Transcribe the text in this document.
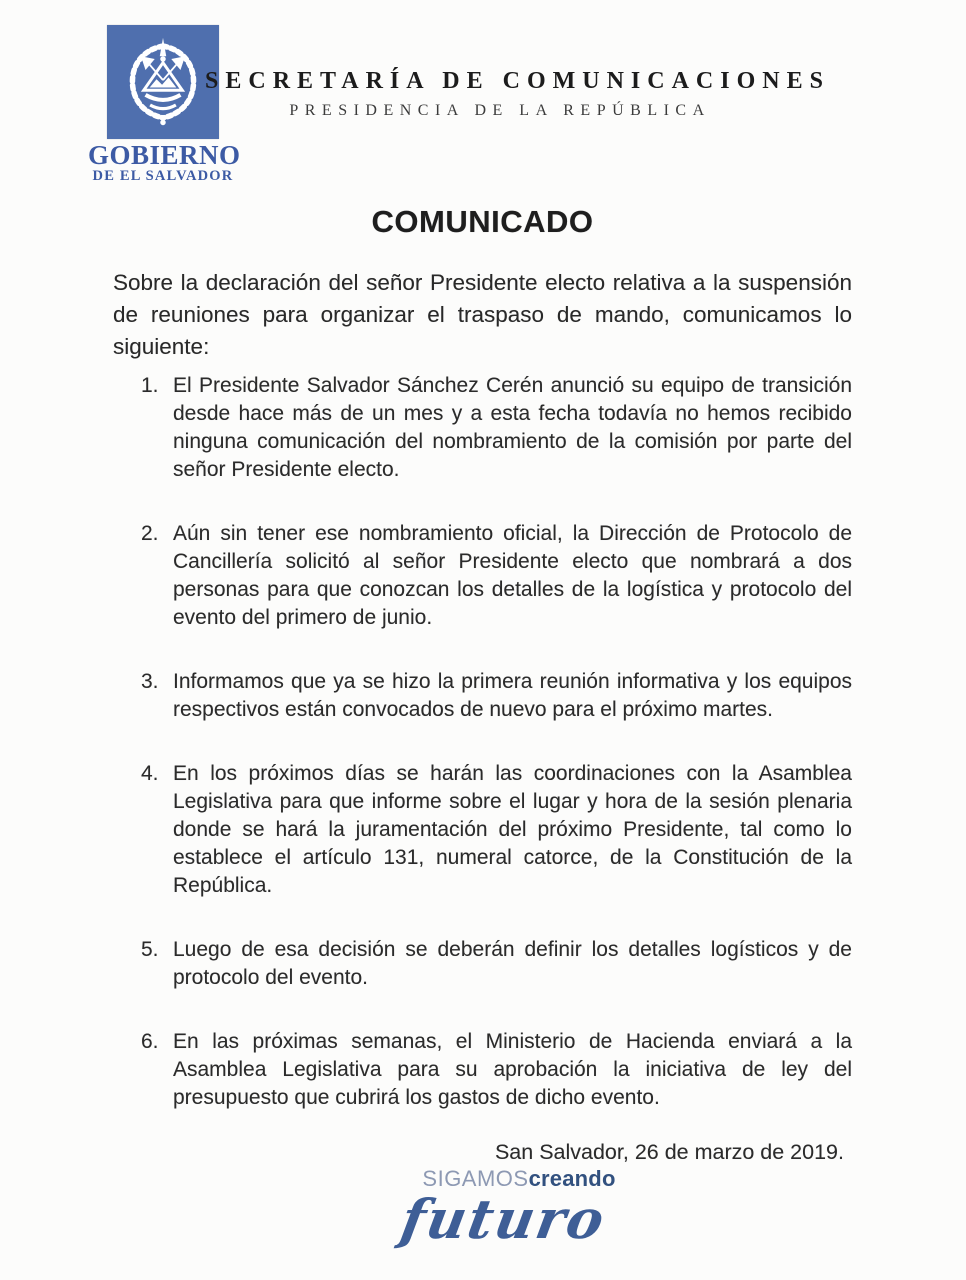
GOBIERNO
DE EL SALVADOR
SECRETARÍA DE COMUNICACIONES
PRESIDENCIA DE LA REPÚBLICA
COMUNICADO
Sobre la declaración del señor Presidente electo relativa a la suspensión de reuniones para organizar el traspaso de mando, comunicamos lo siguiente:
1. El Presidente Salvador Sánchez Cerén anunció su equipo de transición desde hace más de un mes y a esta fecha todavía no hemos recibido ninguna comunicación del nombramiento de la comisión por parte del señor Presidente electo.
2. Aún sin tener ese nombramiento oficial, la Dirección de Protocolo de Cancillería solicitó al señor Presidente electo que nombrará a dos personas para que conozcan los detalles de la logística y protocolo del evento del primero de junio.
3. Informamos que ya se hizo la primera reunión informativa y los equipos respectivos están convocados de nuevo para el próximo martes.
4. En los próximos días se harán las coordinaciones con la Asamblea Legislativa para que informe sobre el lugar y hora de la sesión plenaria donde se hará la juramentación del próximo Presidente, tal como lo establece el artículo 131, numeral catorce, de la Constitución de la República.
5. Luego de esa decisión se deberán definir los detalles logísticos y de protocolo del evento.
6. En las próximas semanas, el Ministerio de Hacienda enviará a la Asamblea Legislativa para su aprobación la iniciativa de ley del presupuesto que cubrirá los gastos de dicho evento.
San Salvador, 26 de marzo de 2019.
SIGAMOScreando
futuro
